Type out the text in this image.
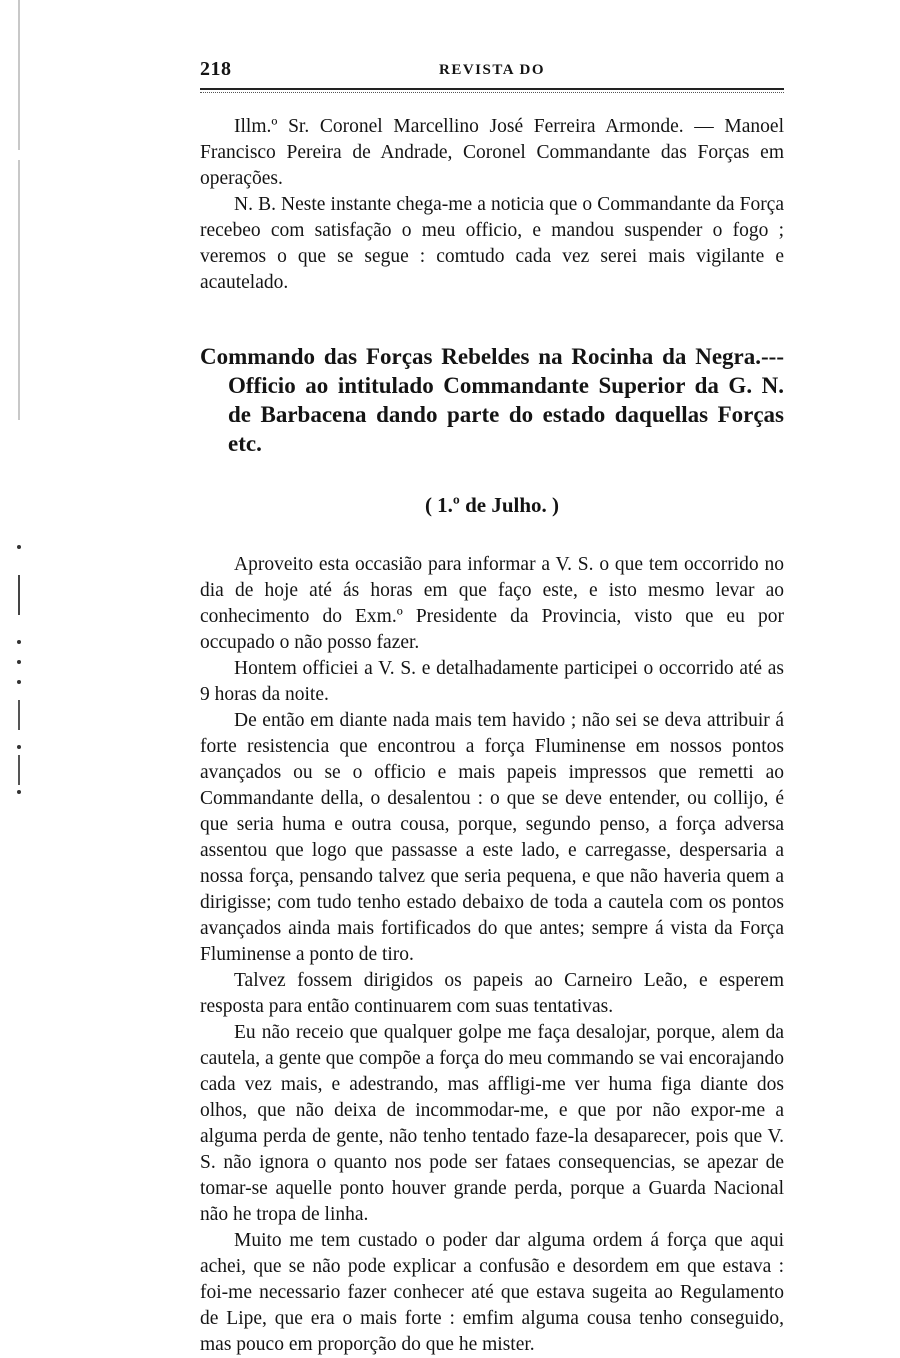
218	REVISTA DO

Illm.º Sr. Coronel Marcellino José Ferreira Armonde. — Manoel Francisco Pereira de Andrade, Coronel Commandante das Forças em operações.

N. B. Neste instante chega-me a noticia que o Commandante da Força recebeo com satisfação o meu officio, e mandou suspender o fogo ; veremos o que se segue : comtudo cada vez serei mais vigilante e acautelado.

Commando das Forças Rebeldes na Rocinha da Negra.--- Officio ao intitulado Commandante Superior da G. N. de Barbacena dando parte do estado daquellas Forças etc.
( 1.º de Julho. )

Aproveito esta occasião para informar a V. S. o que tem occorrido no dia de hoje até ás horas em que faço este, e isto mesmo levar ao conhecimento do Exm.º Presidente da Provincia, visto que eu por occupado o não posso fazer.

Hontem officiei a V. S. e detalhadamente participei o occorrido até as 9 horas da noite.

De então em diante nada mais tem havido ; não sei se deva attribuir á forte resistencia que encontrou a força Fluminense em nossos pontos avançados ou se o officio e mais papeis impressos que remetti ao Commandante della, o desalentou : o que se deve entender, ou collijo, é que seria huma e outra cousa, porque, segundo penso, a força adversa assentou que logo que passasse a este lado, e carregasse, despersaria a nossa força, pensando talvez que seria pequena, e que não haveria quem a dirigisse; com tudo tenho estado debaixo de toda a cautela com os pontos avançados ainda mais fortificados do que antes; sempre á vista da Força Fluminense a ponto de tiro.

Talvez fossem dirigidos os papeis ao Carneiro Leão, e esperem resposta para então continuarem com suas tentativas.

Eu não receio que qualquer golpe me faça desalojar, porque, alem da cautela, a gente que compõe a força do meu commando se vai encorajando cada vez mais, e adestrando, mas affligi-me ver huma figa diante dos olhos, que não deixa de incommodar-me, e que por não expor-me a alguma perda de gente, não tenho tentado faze-la desaparecer, pois que V. S. não ignora o quanto nos pode ser fataes consequencias, se apezar de tomar-se aquelle ponto houver grande perda, porque a Guarda Nacional não he tropa de linha.

Muito me tem custado o poder dar alguma ordem á força que aqui achei, que se não pode explicar a confusão e desordem em que estava : foi-me necessario fazer conhecer até que estava sugeita ao Regulamento de Lipe, que era o mais forte : emfim alguma cousa tenho conseguido, mas pouco em proporção do que he mister.
